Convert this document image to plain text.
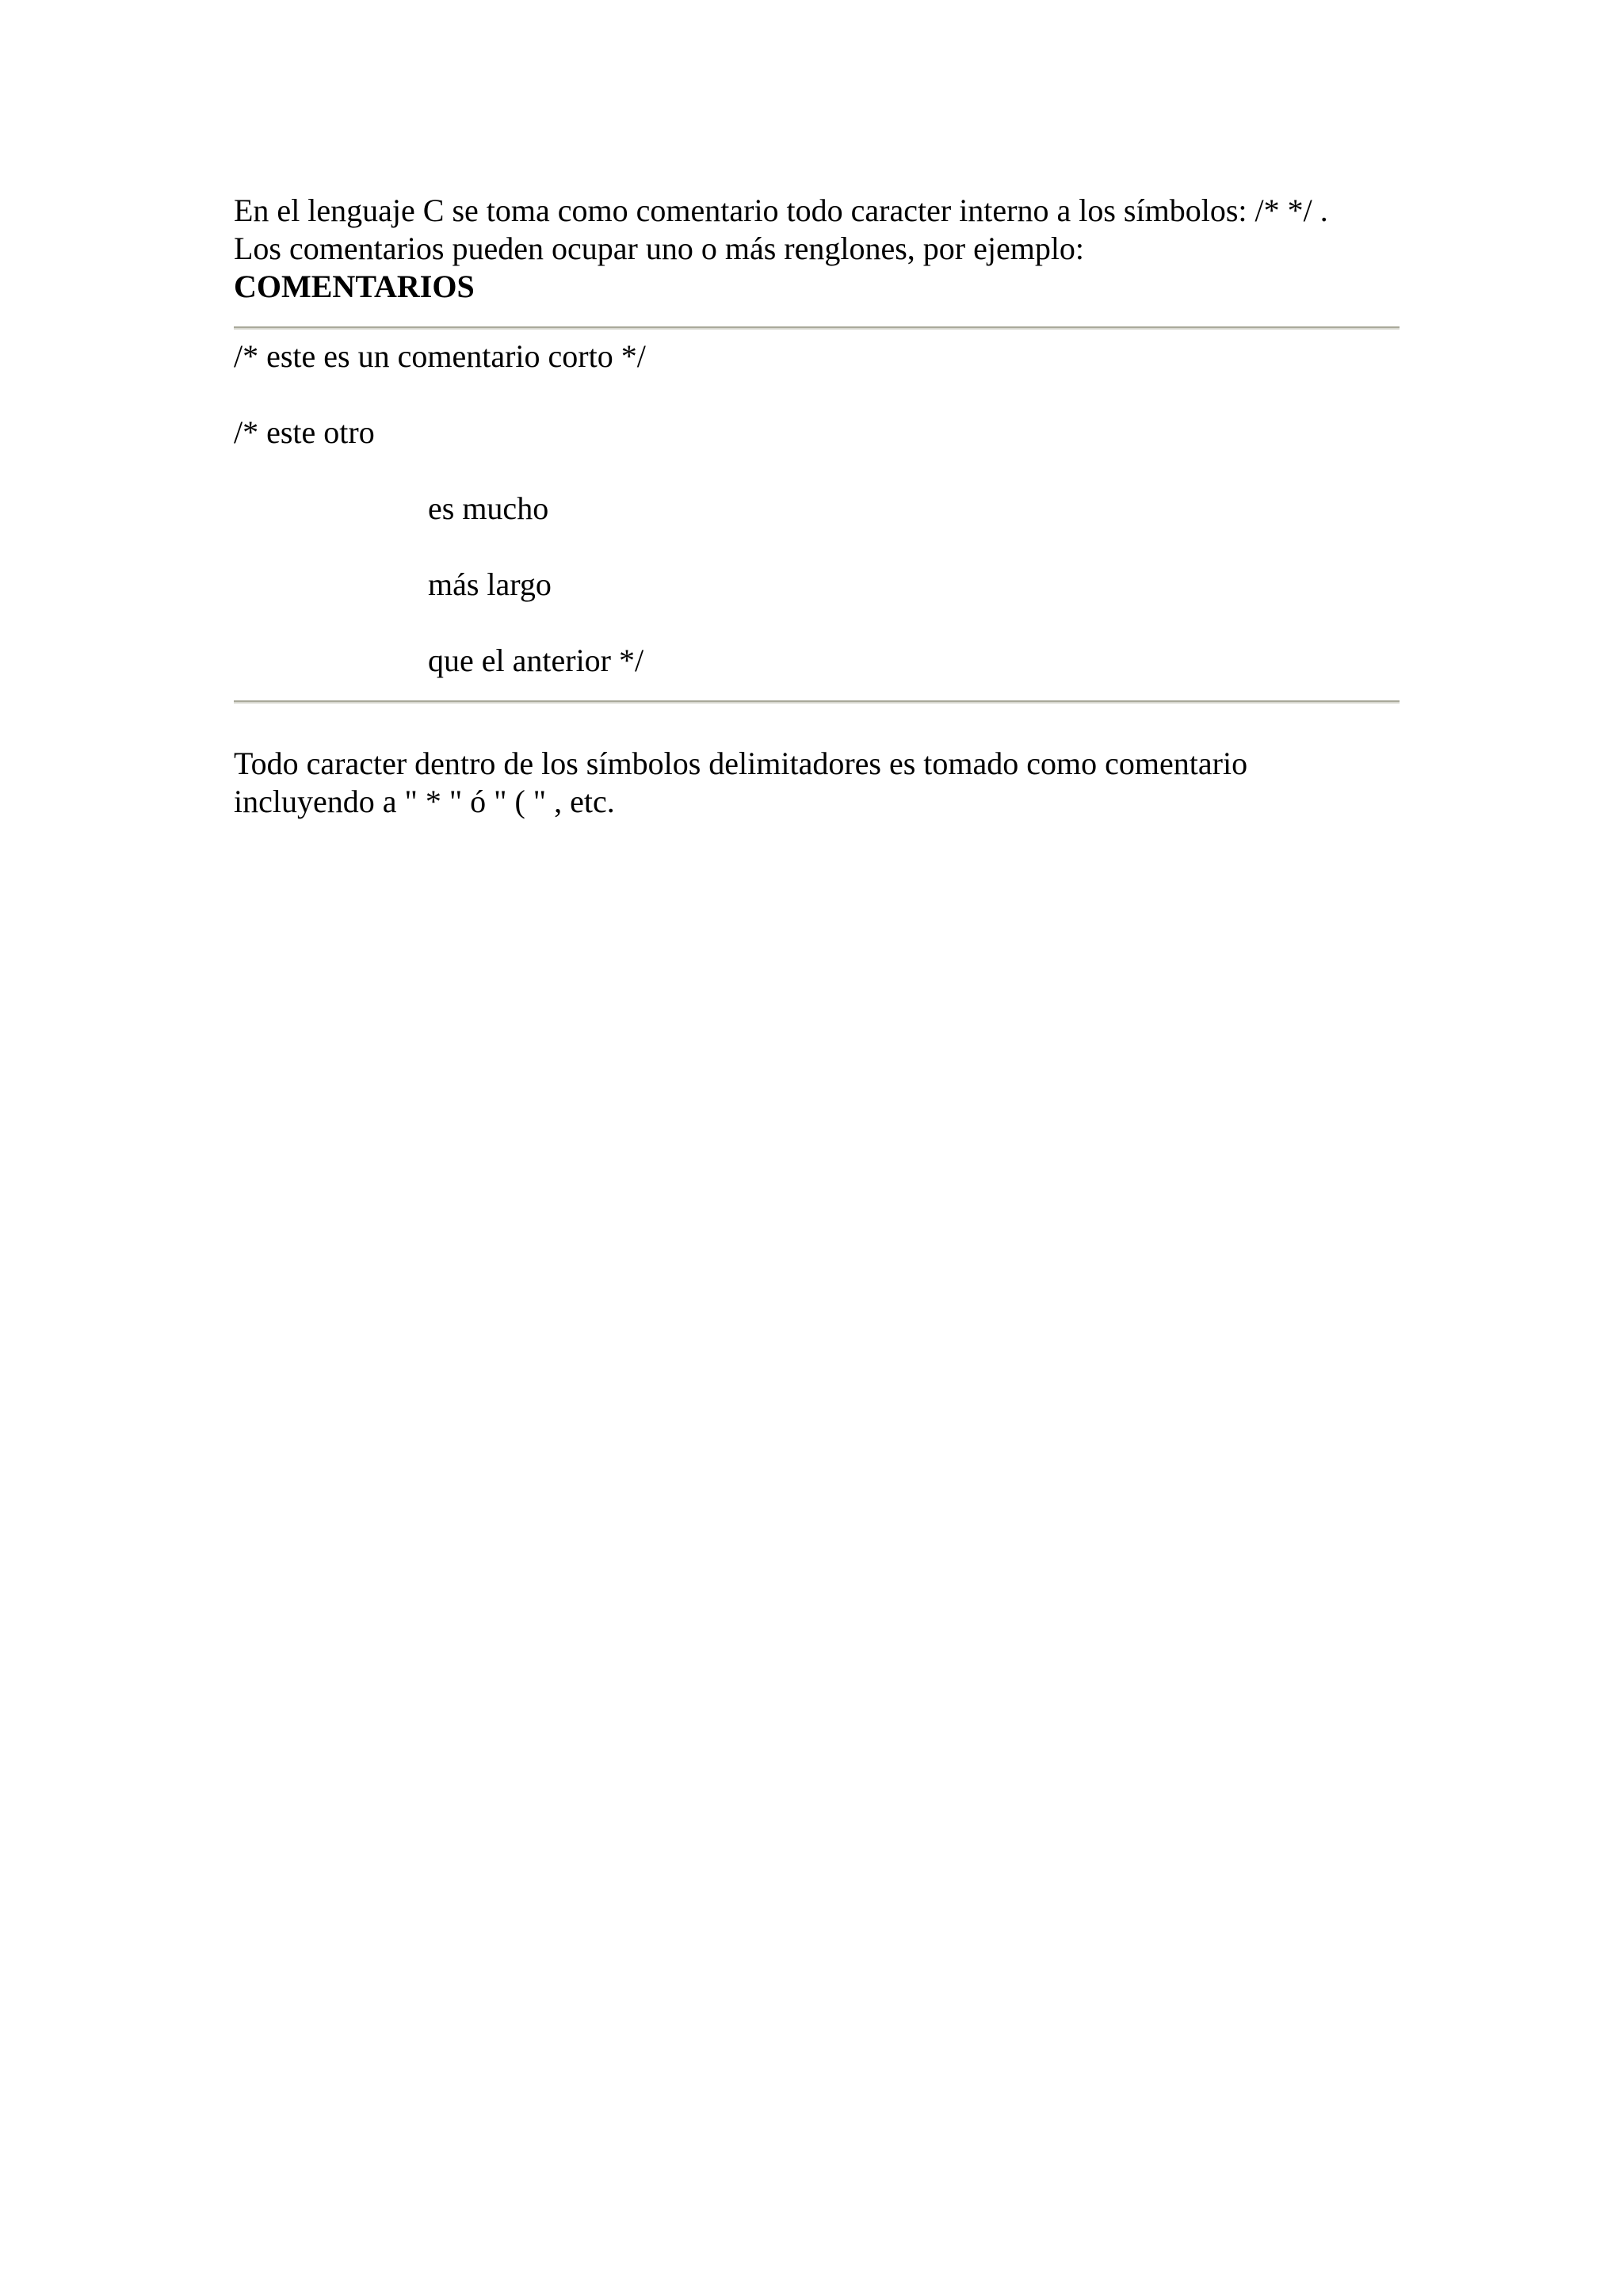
En el lenguaje C se toma como comentario todo caracter interno a los símbolos: /* */ .
Los comentarios pueden ocupar uno o más renglones, por ejemplo:
COMENTARIOS
/* este es un comentario corto */
/* este otro
es mucho
más largo
que el anterior */
Todo caracter dentro de los símbolos delimitadores es tomado como comentario
incluyendo a " * " ó " ( " , etc.
